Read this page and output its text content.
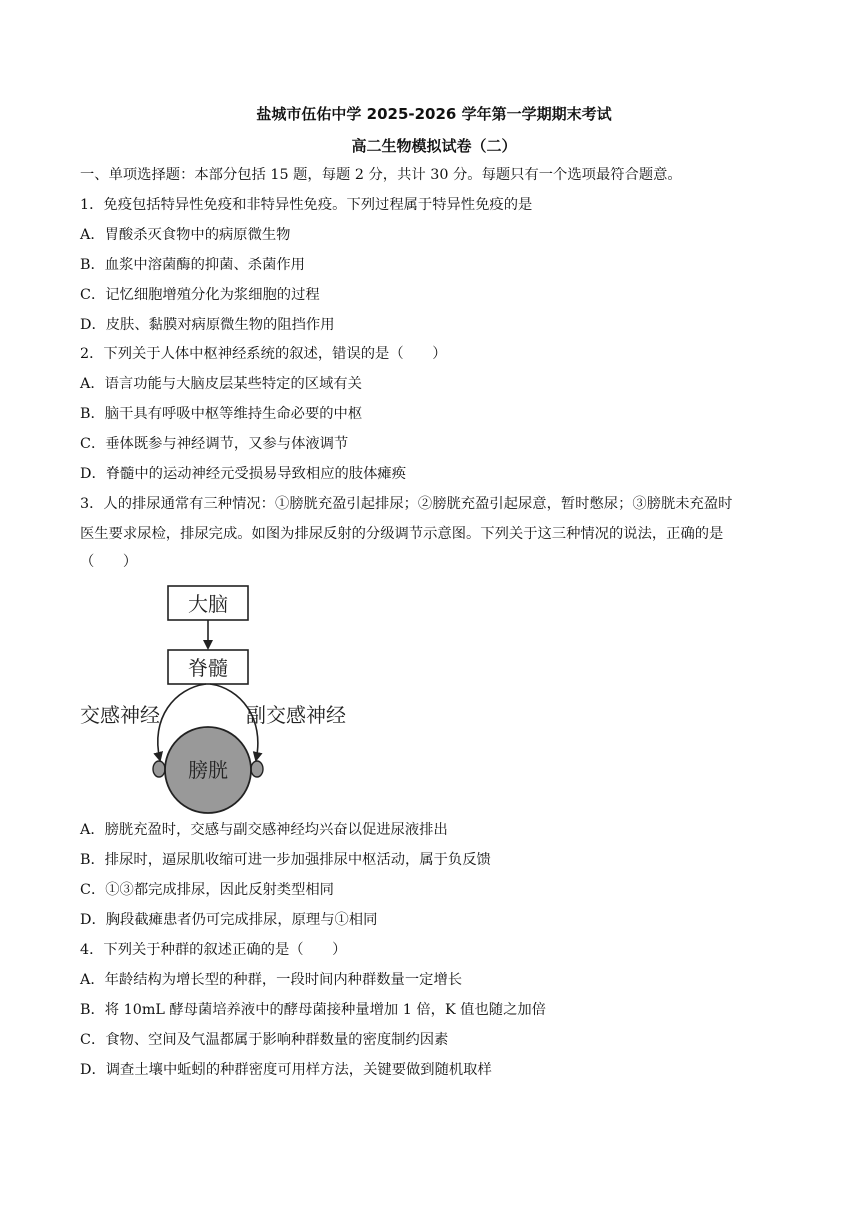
盐城市伍佑中学 2025-2026 学年第一学期期末考试
高二生物模拟试卷（二）
一、单项选择题：本部分包括 15 题，每题 2 分，共计 30 分。每题只有一个选项最符合题意。
1．免疫包括特异性免疫和非特异性免疫。下列过程属于特异性免疫的是
A．胃酸杀灭食物中的病原微生物
B．血浆中溶菌酶的抑菌、杀菌作用
C．记忆细胞增殖分化为浆细胞的过程
D．皮肤、黏膜对病原微生物的阻挡作用
2．下列关于人体中枢神经系统的叙述，错误的是（　　）
A．语言功能与大脑皮层某些特定的区域有关
B．脑干具有呼吸中枢等维持生命必要的中枢
C．垂体既参与神经调节，又参与体液调节
D．脊髓中的运动神经元受损易导致相应的肢体瘫痪
3．人的排尿通常有三种情况：①膀胱充盈引起排尿；②膀胱充盈引起尿意，暂时憋尿；③膀胱未充盈时
医生要求尿检，排尿完成。如图为排尿反射的分级调节示意图。下列关于这三种情况的说法，正确的是
（　　）
大脑
脊髓
交感神经	副交感神经
膀胱
A．膀胱充盈时，交感与副交感神经均兴奋以促进尿液排出
B．排尿时，逼尿肌收缩可进一步加强排尿中枢活动，属于负反馈
C．①③都完成排尿，因此反射类型相同
D．胸段截瘫患者仍可完成排尿，原理与①相同
4．下列关于种群的叙述正确的是（　　）
A．年龄结构为增长型的种群，一段时间内种群数量一定增长
B．将 10mL 酵母菌培养液中的酵母菌接种量增加 1 倍，K 值也随之加倍
C．食物、空间及气温都属于影响种群数量的密度制约因素
D．调查土壤中蚯蚓的种群密度可用样方法，关键要做到随机取样
